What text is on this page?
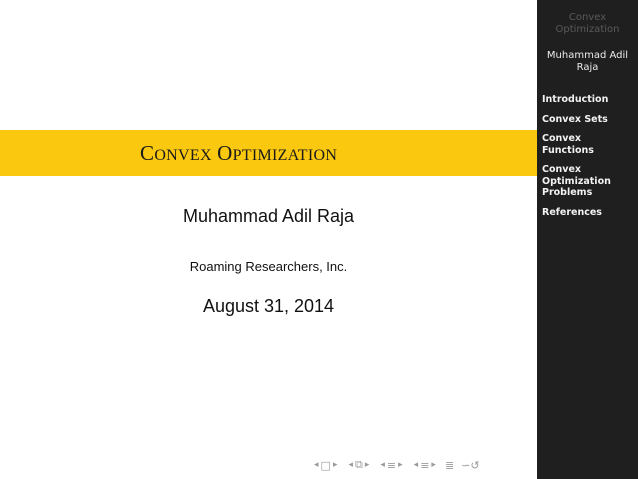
CONVEX OPTIMIZATION
Muhammad Adil Raja
Roaming Researchers, Inc.
August 31, 2014
◂ □ ▸ ◂ ⧉ ▸ ◂ ≡ ▸ ◂ ≡ ▸ ≣ ∽ ↺
Convex
Optimization
Muhammad Adil
Raja
Introduction
Convex Sets
Convex
Functions
Convex
Optimization
Problems
References
